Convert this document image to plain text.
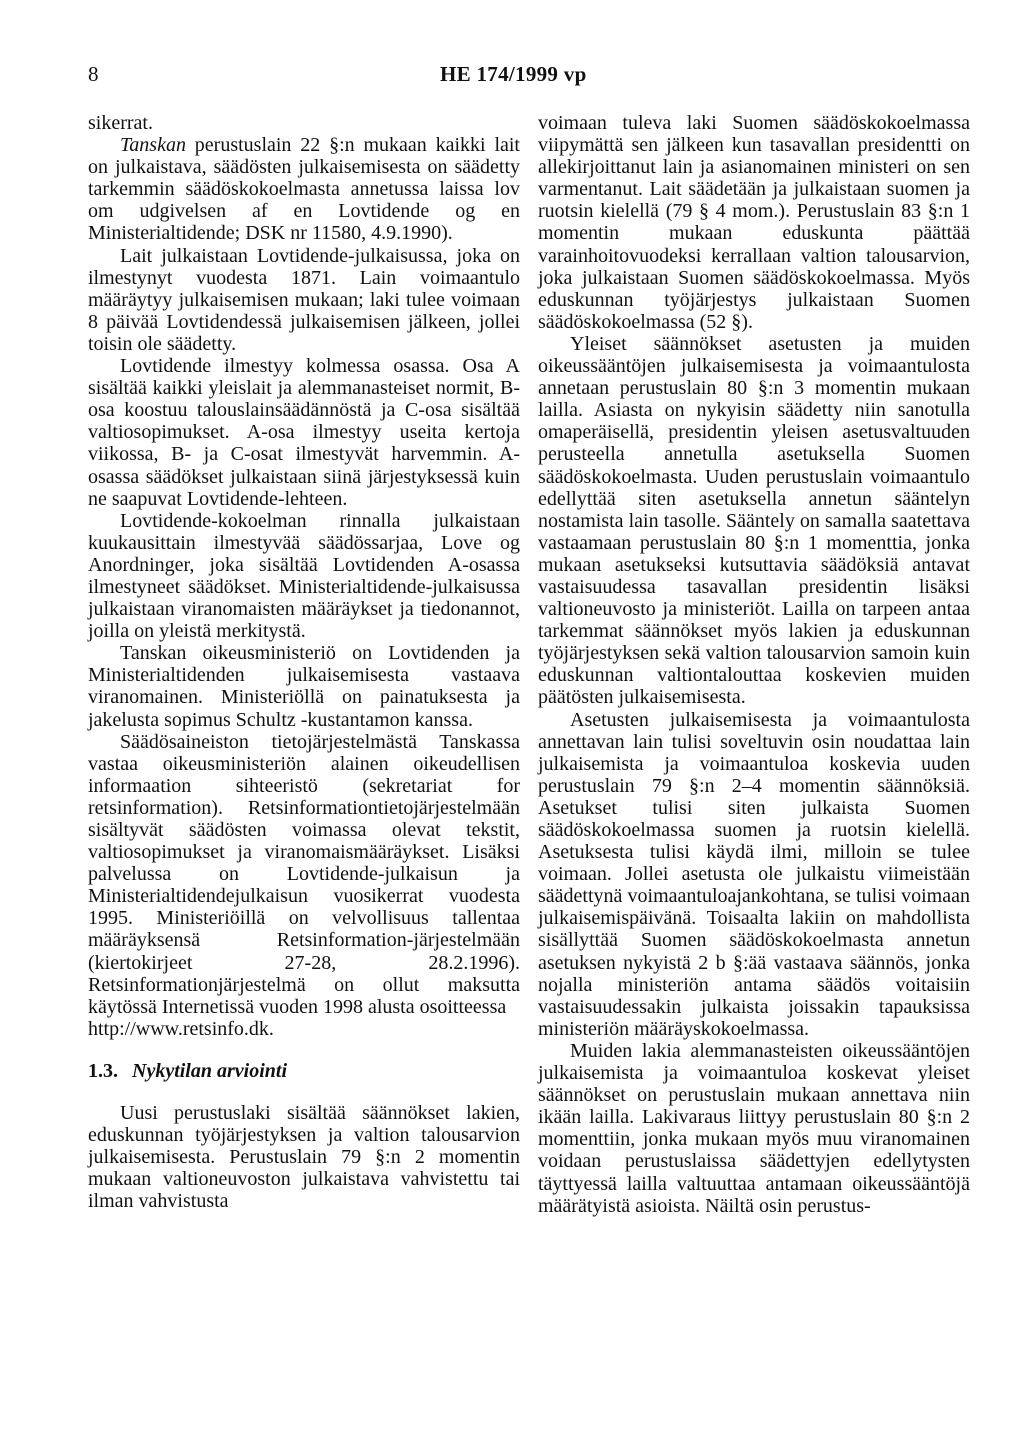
8	HE 174/1999 vp

sikerrat.

Tanskan perustuslain 22 §:n mukaan kaikki lait on julkaistava, säädösten julkaisemisesta on säädetty tarkemmin säädöskokoelmasta annetussa laissa lov om udgivelsen af en Lovtidende og en Ministerialtidende; DSK nr 11580, 4.9.1990).

Lait julkaistaan Lovtidende-julkaisussa, joka on ilmestynyt vuodesta 1871. Lain voimaantulo määräytyy julkaisemisen mukaan; laki tulee voimaan 8 päivää Lovtidendessä julkaisemisen jälkeen, jollei toisin ole säädetty.

Lovtidende ilmestyy kolmessa osassa. Osa A sisältää kaikki yleislait ja alemmanasteiset normit, B-osa koostuu talouslainsäädännöstä ja C-osa sisältää valtiosopimukset. A-osa ilmestyy useita kertoja viikossa, B- ja C-osat ilmestyvät harvemmin. A-osassa säädökset julkaistaan siinä järjestyksessä kuin ne saapuvat Lovtidende-lehteen.

Lovtidende-kokoelman rinnalla julkaistaan kuukausittain ilmestyvää säädössarjaa, Love og Anordninger, joka sisältää Lovtidenden A-osassa ilmestyneet säädökset. Ministerialtidende-julkaisussa julkaistaan viranomaisten määräykset ja tiedonannot, joilla on yleistä merkitystä.

Tanskan oikeusministeriö on Lovtidenden ja Ministerialtidenden julkaisemisesta vastaava viranomainen. Ministeriöllä on painatuksesta ja jakelusta sopimus Schultz -kustantamon kanssa.

Säädösaineiston tietojärjestelmästä Tanskassa vastaa oikeusministeriön alainen oikeudellisen informaation sihteeristö (sekretariat for retsinformation). Retsinformationtietojärjestelmään sisältyvät säädösten voimassa olevat tekstit, valtiosopimukset ja viranomaismääräykset. Lisäksi palvelussa on Lovtidende-julkaisun ja Ministerialtidendejulkaisun vuosikerrat vuodesta 1995. Ministeriöillä on velvollisuus tallentaa määräyksensä Retsinformation-järjestelmään (kiertokirjeet 27-28, 28.2.1996). Retsinformationjärjestelmä on ollut maksutta käytössä Internetissä vuoden 1998 alusta osoitteessa

http://www.retsinfo.dk.

1.3. Nykytilan arviointi

Uusi perustuslaki sisältää säännökset lakien, eduskunnan työjärjestyksen ja valtion talousarvion julkaisemisesta. Perustuslain 79 §:n 2 momentin mukaan valtioneuvoston julkaistava vahvistettu tai ilman vahvistusta

voimaan tuleva laki Suomen säädöskokoelmassa viipymättä sen jälkeen kun tasavallan presidentti on allekirjoittanut lain ja asianomainen ministeri on sen varmentanut. Lait säädetään ja julkaistaan suomen ja ruotsin kielellä (79 § 4 mom.). Perustuslain 83 §:n 1 momentin mukaan eduskunta päättää varainhoitovuodeksi kerrallaan valtion talousarvion, joka julkaistaan Suomen säädöskokoelmassa. Myös eduskunnan työjärjestys julkaistaan Suomen säädöskokoelmassa (52 §).

Yleiset säännökset asetusten ja muiden oikeussääntöjen julkaisemisesta ja voimaantulosta annetaan perustuslain 80 §:n 3 momentin mukaan lailla. Asiasta on nykyisin säädetty niin sanotulla omaperäisellä, presidentin yleisen asetusvaltuuden perusteella annetulla asetuksella Suomen säädöskokoelmasta. Uuden perustuslain voimaantulo edellyttää siten asetuksella annetun sääntelyn nostamista lain tasolle. Sääntely on samalla saatettava vastaamaan perustuslain 80 §:n 1 momenttia, jonka mukaan asetukseksi kutsuttavia säädöksiä antavat vastaisuudessa tasavallan presidentin lisäksi valtioneuvosto ja ministeriöt. Lailla on tarpeen antaa tarkemmat säännökset myös lakien ja eduskunnan työjärjestyksen sekä valtion talousarvion samoin kuin eduskunnan valtiontalouttaa koskevien muiden päätösten julkaisemisesta.

Asetusten julkaisemisesta ja voimaantulosta annettavan lain tulisi soveltuvin osin noudattaa lain julkaisemista ja voimaantuloa koskevia uuden perustuslain 79 §:n 2–4 momentin säännöksiä. Asetukset tulisi siten julkaista Suomen säädöskokoelmassa suomen ja ruotsin kielellä. Asetuksesta tulisi käydä ilmi, milloin se tulee voimaan. Jollei asetusta ole julkaistu viimeistään säädettynä voimaantuloajankohtana, se tulisi voimaan julkaisemispäivänä. Toisaalta lakiin on mahdollista sisällyttää Suomen säädöskokoelmasta annetun asetuksen nykyistä 2 b §:ää vastaava säännös, jonka nojalla ministeriön antama säädös voitaisiin vastaisuudessakin julkaista joissakin tapauksissa ministeriön määräyskokoelmassa.

Muiden lakia alemmanasteisten oikeussääntöjen julkaisemista ja voimaantuloa koskevat yleiset säännökset on perustuslain mukaan annettava niin ikään lailla. Lakivaraus liittyy perustuslain 80 §:n 2 momenttiin, jonka mukaan myös muu viranomainen voidaan perustuslaissa säädettyjen edellytysten täyttyessä lailla valtuuttaa antamaan oikeussääntöjä määrätyistä asioista. Näiltä osin perustus-
